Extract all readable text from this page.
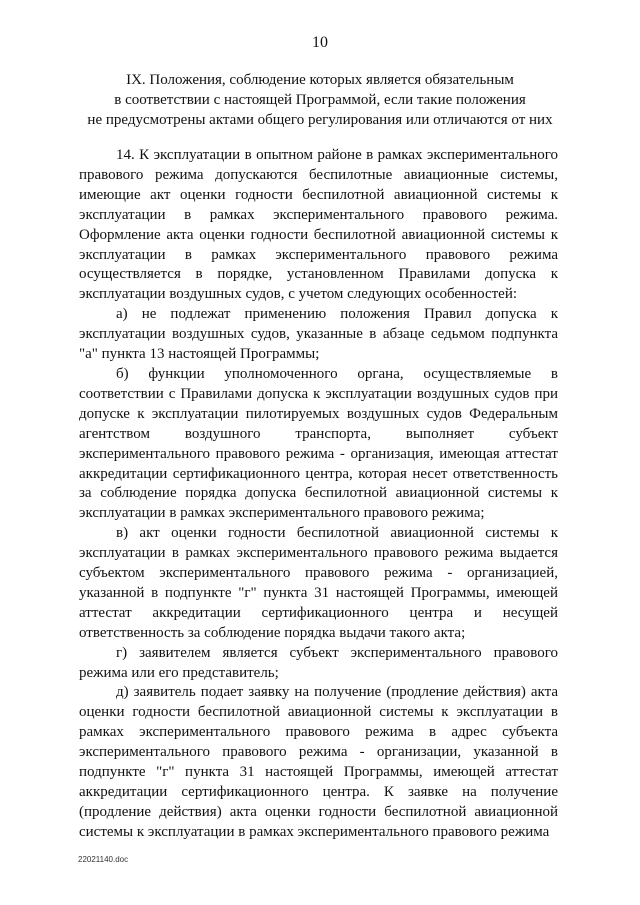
10
IX. Положения, соблюдение которых является обязательным
в соответствии с настоящей Программой, если такие положения
не предусмотрены актами общего регулирования или отличаются от них

14. К эксплуатации в опытном районе в рамках экспериментального правового режима допускаются беспилотные авиационные системы, имеющие акт оценки годности беспилотной авиационной системы к эксплуатации в рамках экспериментального правового режима. Оформление акта оценки годности беспилотной авиационной системы к эксплуатации в рамках экспериментального правового режима осуществляется в порядке, установленном Правилами допуска к эксплуатации воздушных судов, с учетом следующих особенностей:

а) не подлежат применению положения Правил допуска к эксплуатации воздушных судов, указанные в абзаце седьмом подпункта "а" пункта 13 настоящей Программы;

б) функции уполномоченного органа, осуществляемые в соответствии с Правилами допуска к эксплуатации воздушных судов при допуске к эксплуатации пилотируемых воздушных судов Федеральным агентством воздушного транспорта, выполняет субъект экспериментального правового режима - организация, имеющая аттестат аккредитации сертификационного центра, которая несет ответственность за соблюдение порядка допуска беспилотной авиационной системы к эксплуатации в рамках экспериментального правового режима;

в) акт оценки годности беспилотной авиационной системы к эксплуатации в рамках экспериментального правового режима выдается субъектом экспериментального правового режима - организацией, указанной в подпункте "г" пункта 31 настоящей Программы, имеющей аттестат аккредитации сертификационного центра и несущей ответственность за соблюдение порядка выдачи такого акта;

г) заявителем является субъект экспериментального правового режима или его представитель;

д) заявитель подает заявку на получение (продление действия) акта оценки годности беспилотной авиационной системы к эксплуатации в рамках экспериментального правового режима в адрес субъекта экспериментального правового режима - организации, указанной в подпункте "г" пункта 31 настоящей Программы, имеющей аттестат аккредитации сертификационного центра. К заявке на получение (продление действия) акта оценки годности беспилотной авиационной системы к эксплуатации в рамках экспериментального правового режима

22021140.doc
